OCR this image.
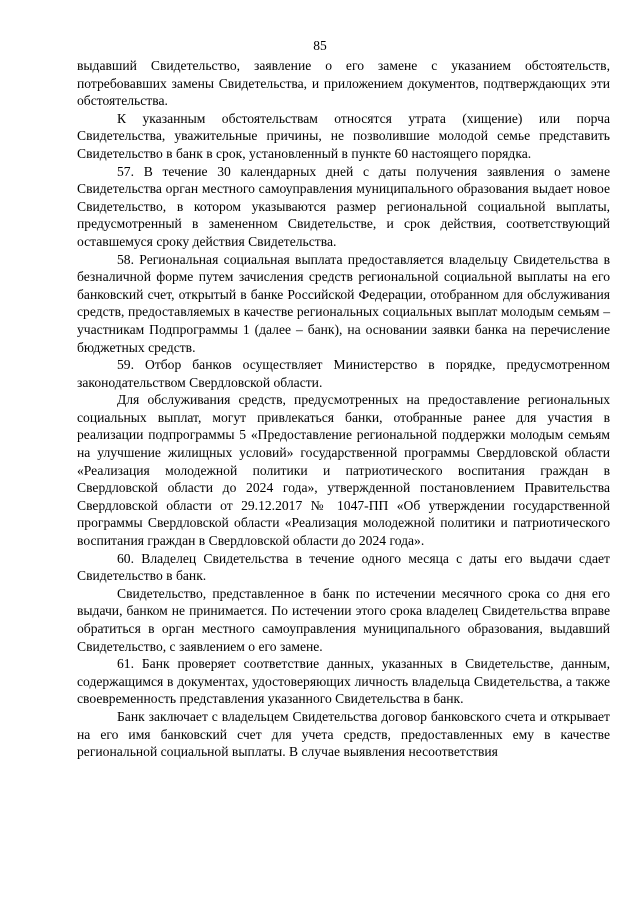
85

выдавший Свидетельство, заявление о его замене с указанием обстоятельств, потребовавших замены Свидетельства, и приложением документов, подтверждающих эти обстоятельства.

К указанным обстоятельствам относятся утрата (хищение) или порча Свидетельства, уважительные причины, не позволившие молодой семье представить Свидетельство в банк в срок, установленный в пункте 60 настоящего порядка.

57. В течение 30 календарных дней с даты получения заявления о замене Свидетельства орган местного самоуправления муниципального образования выдает новое Свидетельство, в котором указываются размер региональной социальной выплаты, предусмотренный в замененном Свидетельстве, и срок действия, соответствующий оставшемуся сроку действия Свидетельства.

58. Региональная социальная выплата предоставляется владельцу Свидетельства в безналичной форме путем зачисления средств региональной социальной выплаты на его банковский счет, открытый в банке Российской Федерации, отобранном для обслуживания средств, предоставляемых в качестве региональных социальных выплат молодым семьям – участникам Подпрограммы 1 (далее – банк), на основании заявки банка на перечисление бюджетных средств.

59. Отбор банков осуществляет Министерство в порядке, предусмотренном законодательством Свердловской области.

Для обслуживания средств, предусмотренных на предоставление региональных социальных выплат, могут привлекаться банки, отобранные ранее для участия в реализации подпрограммы 5 «Предоставление региональной поддержки молодым семьям на улучшение жилищных условий» государственной программы Свердловской области «Реализация молодежной политики и патриотического воспитания граждан в Свердловской области до 2024 года», утвержденной постановлением Правительства Свердловской области от 29.12.2017 № 1047-ПП «Об утверждении государственной программы Свердловской области «Реализация молодежной политики и патриотического воспитания граждан в Свердловской области до 2024 года».

60. Владелец Свидетельства в течение одного месяца с даты его выдачи сдает Свидетельство в банк.

Свидетельство, представленное в банк по истечении месячного срока со дня его выдачи, банком не принимается. По истечении этого срока владелец Свидетельства вправе обратиться в орган местного самоуправления муниципального образования, выдавший Свидетельство, с заявлением о его замене.

61. Банк проверяет соответствие данных, указанных в Свидетельстве, данным, содержащимся в документах, удостоверяющих личность владельца Свидетельства, а также своевременность представления указанного Свидетельства в банк.

Банк заключает с владельцем Свидетельства договор банковского счета и открывает на его имя банковский счет для учета средств, предоставленных ему в качестве региональной социальной выплаты. В случае выявления несоответствия
